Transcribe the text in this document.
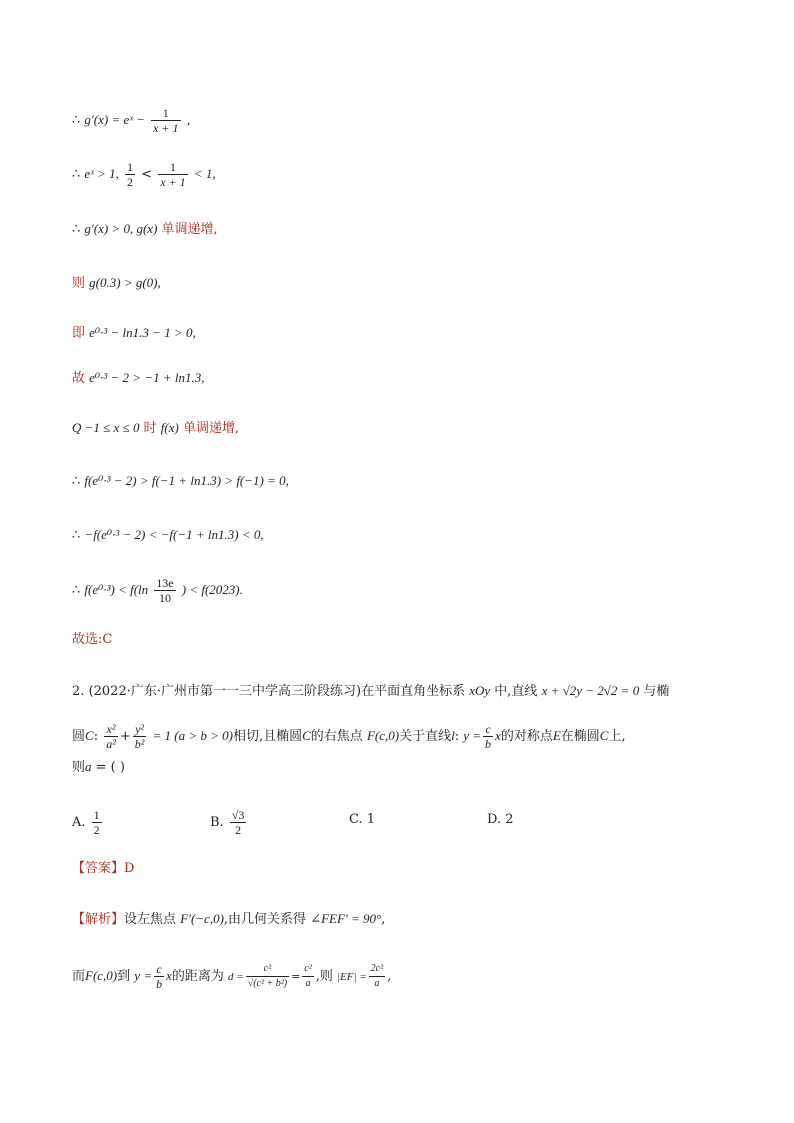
∴ g′(x) = eˣ − $\frac{1}{x + 1}$ ,
∴ eˣ > 1, $\frac{1}{2} < \frac{1}{x + 1} < 1$,
∴ g′(x) > 0, g(x) 单调递增,
则 g(0.3) > g(0),
即 e⁰·³ − ln1.3 − 1 > 0,
故 e⁰·³ − 2 > −1 + ln1.3,
Q −1 ≤ x ≤ 0 时 f(x) 单调递增,
∴ f(e⁰·³ − 2) > f(−1 + ln1.3) > f(−1) = 0,
∴ −f(e⁰·³ − 2) < −f(−1 + ln1.3) < 0,
∴ $f(e^0\cdot^3) < f(\ln \frac{13e}{10}$ ) < f(2023).
故选:C
2. (2022·广东·广州市第一一三中学高三阶段练习)在平面直角坐标系 xOy 中,直线 x + √2y − 2√2 = 0 与椭
圆C: $\frac{\text{x²}}{\text{a²}} + \frac{\text{y²}}{\text{b²}} = 1$ (a > b > 0)相切,且椭圆C的右焦点 F(c,0)关于直线l: $y = \frac{c}{b}$ x的对称点E在椭圆C上,
则a = ( )
A. $\frac{1}{2}$	B. $\frac{√3}{2}$	C. 1	D. 2
【答案】D
【解析】设左焦点 F′(−c,0),由几何关系得 ∠FEF′ = 90°,
而F(c,0)到 $y = \frac{c}{b}$ x的距离为 $d = \frac{\text{c²}}{\text{√(c² + b²)}} = \frac{\text{c²}}{a}$ ,则 $|EF| = \frac{\text{2c²}}{a}$ ,
